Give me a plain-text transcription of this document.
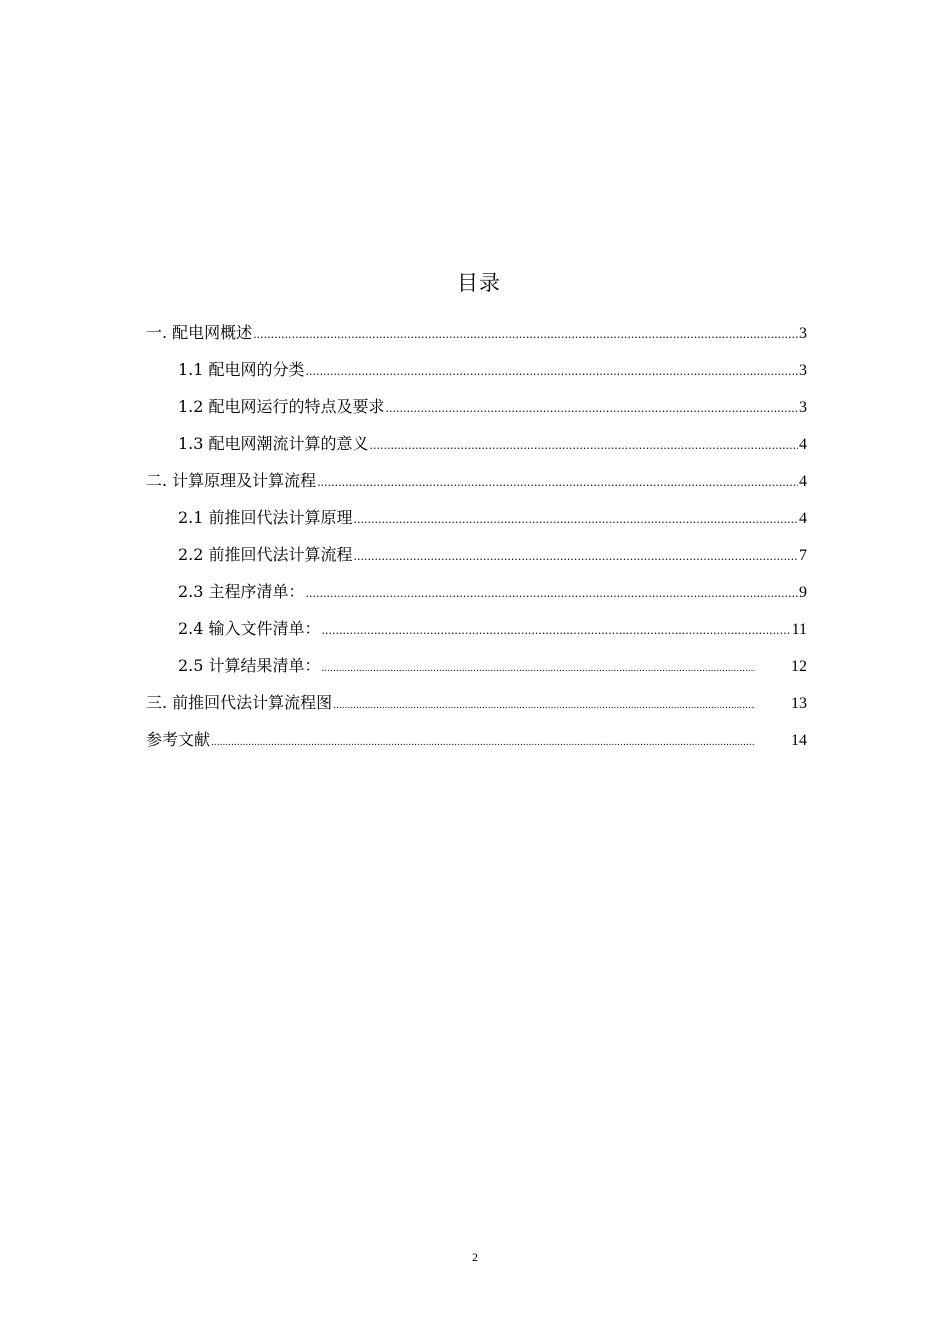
目录
一. 配电网概述 .....	3
1.1 配电网的分类 .....	3
1.2 配电网运行的特点及要求 .....	3
1.3 配电网潮流计算的意义 .....	4
二. 计算原理及计算流程 .....	4
2.1 前推回代法计算原理 .....	4
2.2 前推回代法计算流程 .....	7
2.3 主程序清单： .....	9
2.4 输入文件清单： .....	11
2.5 计算结果清单： .....	12
三. 前推回代法计算流程图 .....	13
参考文献 .....	14
2
